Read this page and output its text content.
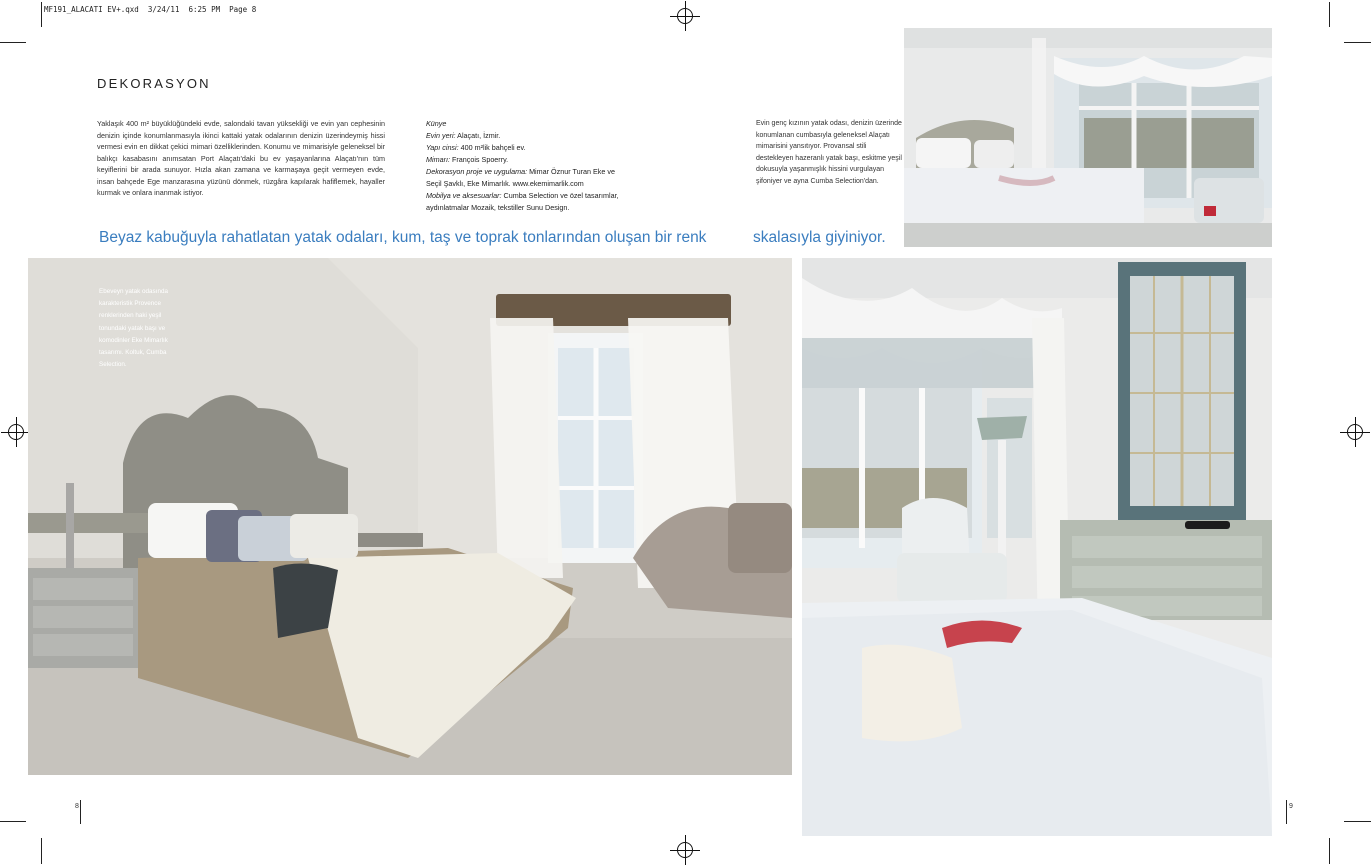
MF191_ALACATI EV+.qxd  3/24/11  6:25 PM  Page 8
DEKORASYON
Yaklaşık 400 m² büyüklüğündeki evde, salondaki tavan yüksekliği ve evin yan cephesinin denizin içinde konumlanmasıyla ikinci kattaki yatak odalarının denizin üzerindeymiş hissi vermesi evin en dikkat çekici mimari özelliklerinden. Konumu ve mimarisiyle geleneksel bir balıkçı kasabasını anımsatan Port Alaçatı'daki bu ev yaşayanlarına Alaçatı'nın tüm keyiflerini bir arada sunuyor. Hızla akan zamana ve karmaşaya geçit vermeyen evde, insan bahçede Ege manzarasına yüzünü dönmek, rüzgâra kapılarak hafiflemek, hayaller kurmak ve onlara inanmak istiyor.
Künye
Evin yeri: Alaçatı, İzmir.
Yapı cinsi: 400 m²lik bahçeli ev.
Mimarı: François Spoerry.
Dekorasyon proje ve uygulama: Mimar Öznur Turan Eke ve Seçil Şavklı, Eke Mimarlık. www.ekemimarlik.com
Mobilya ve aksesuarlar: Cumba Selection ve özel tasarımlar, aydınlatmalar Mozaik, tekstiller Sunu Design.
Evin genç kızının yatak odası, denizin üzerinde konumlanan cumbasıyla geleneksel Alaçatı mimarisini yansıtıyor. Provansal stili destekleyen hazeranlı yatak başı, eskitme yeşil dokusuyla yaşanmışlık hissini vurgulayan şifoniyer ve ayna Cumba Selection'dan.
Beyaz kabuğuyla rahatlatan yatak odaları, kum, taş ve toprak tonlarından oluşan bir renk	skalasıyla giyiniyor.
Ebeveyn yatak odasında karakteristik Provence renklerinden haki yeşil tonundaki yatak başı ve komodinler Eke Mimarlık tasarımı. Koltuk, Cumba Selection.
8	9
